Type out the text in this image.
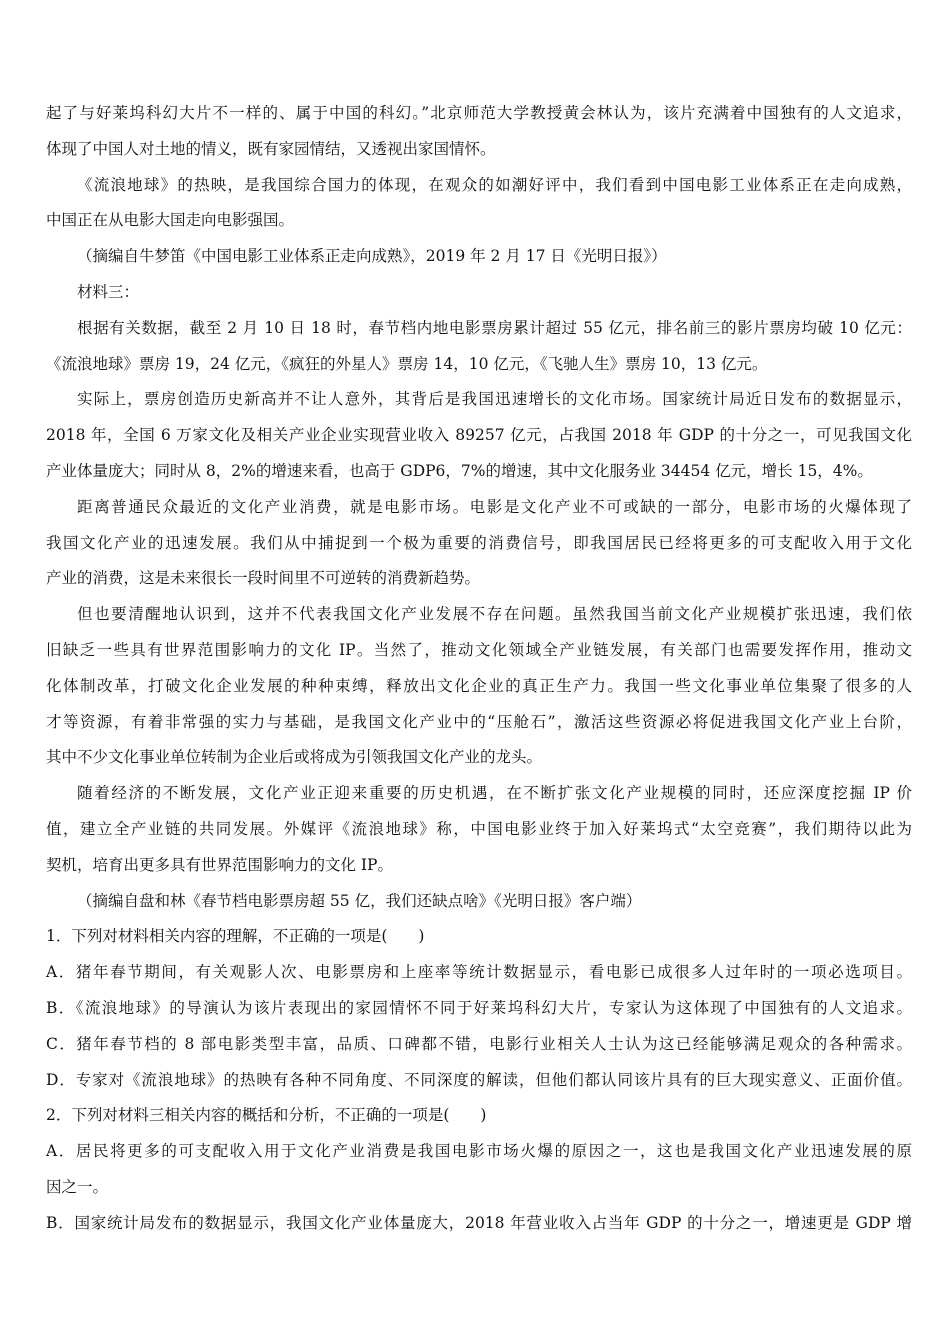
起了与好莱坞科幻大片不一样的、属于中国的科幻。”北京师范大学教授黄会林认为，该片充满着中国独有的人文追求，
体现了中国人对土地的情义，既有家园情结，又透视出家国情怀。
《流浪地球》的热映，是我国综合国力的体现，在观众的如潮好评中，我们看到中国电影工业体系正在走向成熟，
中国正在从电影大国走向电影强国。
（摘编自牛梦笛《中国电影工业体系正走向成熟》，2019 年 2 月 17 日《光明日报》）
材料三：
根据有关数据，截至 2 月 10 日 18 时，春节档内地电影票房累计超过 55 亿元，排名前三的影片票房均破 10 亿元：
《流浪地球》票房 19，24 亿元，《疯狂的外星人》票房 14，10 亿元，《飞驰人生》票房 10，13 亿元。
实际上，票房创造历史新高并不让人意外，其背后是我国迅速增长的文化市场。国家统计局近日发布的数据显示，
2018 年，全国 6 万家文化及相关产业企业实现营业收入 89257 亿元，占我国 2018 年 GDP 的十分之一，可见我国文化
产业体量庞大；同时从 8，2%的增速来看，也高于 GDP6，7%的增速，其中文化服务业 34454 亿元，增长 15，4%。
距离普通民众最近的文化产业消费，就是电影市场。电影是文化产业不可或缺的一部分，电影市场的火爆体现了
我国文化产业的迅速发展。我们从中捕捉到一个极为重要的消费信号，即我国居民已经将更多的可支配收入用于文化
产业的消费，这是未来很长一段时间里不可逆转的消费新趋势。
但也要清醒地认识到，这并不代表我国文化产业发展不存在问题。虽然我国当前文化产业规模扩张迅速，我们依
旧缺乏一些具有世界范围影响力的文化 IP。当然了，推动文化领域全产业链发展，有关部门也需要发挥作用，推动文
化体制改革，打破文化企业发展的种种束缚，释放出文化企业的真正生产力。我国一些文化事业单位集聚了很多的人
才等资源，有着非常强的实力与基础，是我国文化产业中的“压舱石”，激活这些资源必将促进我国文化产业上台阶，
其中不少文化事业单位转制为企业后或将成为引领我国文化产业的龙头。
随着经济的不断发展，文化产业正迎来重要的历史机遇，在不断扩张文化产业规模的同时，还应深度挖掘 IP 价
值，建立全产业链的共同发展。外媒评《流浪地球》称，中国电影业终于加入好莱坞式“太空竞赛”，我们期待以此为
契机，培育出更多具有世界范围影响力的文化 IP。
（摘编自盘和林《春节档电影票房超 55 亿，我们还缺点啥》《光明日报》客户端）
1．下列对材料相关内容的理解，不正确的一项是(　　)
A．猪年春节期间，有关观影人次、电影票房和上座率等统计数据显示，看电影已成很多人过年时的一项必选项目。
B．《流浪地球》的导演认为该片表现出的家园情怀不同于好莱坞科幻大片，专家认为这体现了中国独有的人文追求。
C．猪年春节档的 8 部电影类型丰富，品质、口碑都不错，电影行业相关人士认为这已经能够满足观众的各种需求。
D．专家对《流浪地球》的热映有各种不同角度、不同深度的解读，但他们都认同该片具有的巨大现实意义、正面价值。
2．下列对材料三相关内容的概括和分析，不正确的一项是(　　)
A．居民将更多的可支配收入用于文化产业消费是我国电影市场火爆的原因之一，这也是我国文化产业迅速发展的原
因之一。
B．国家统计局发布的数据显示，我国文化产业体量庞大，2018 年营业收入占当年 GDP 的十分之一，增速更是 GDP 增
